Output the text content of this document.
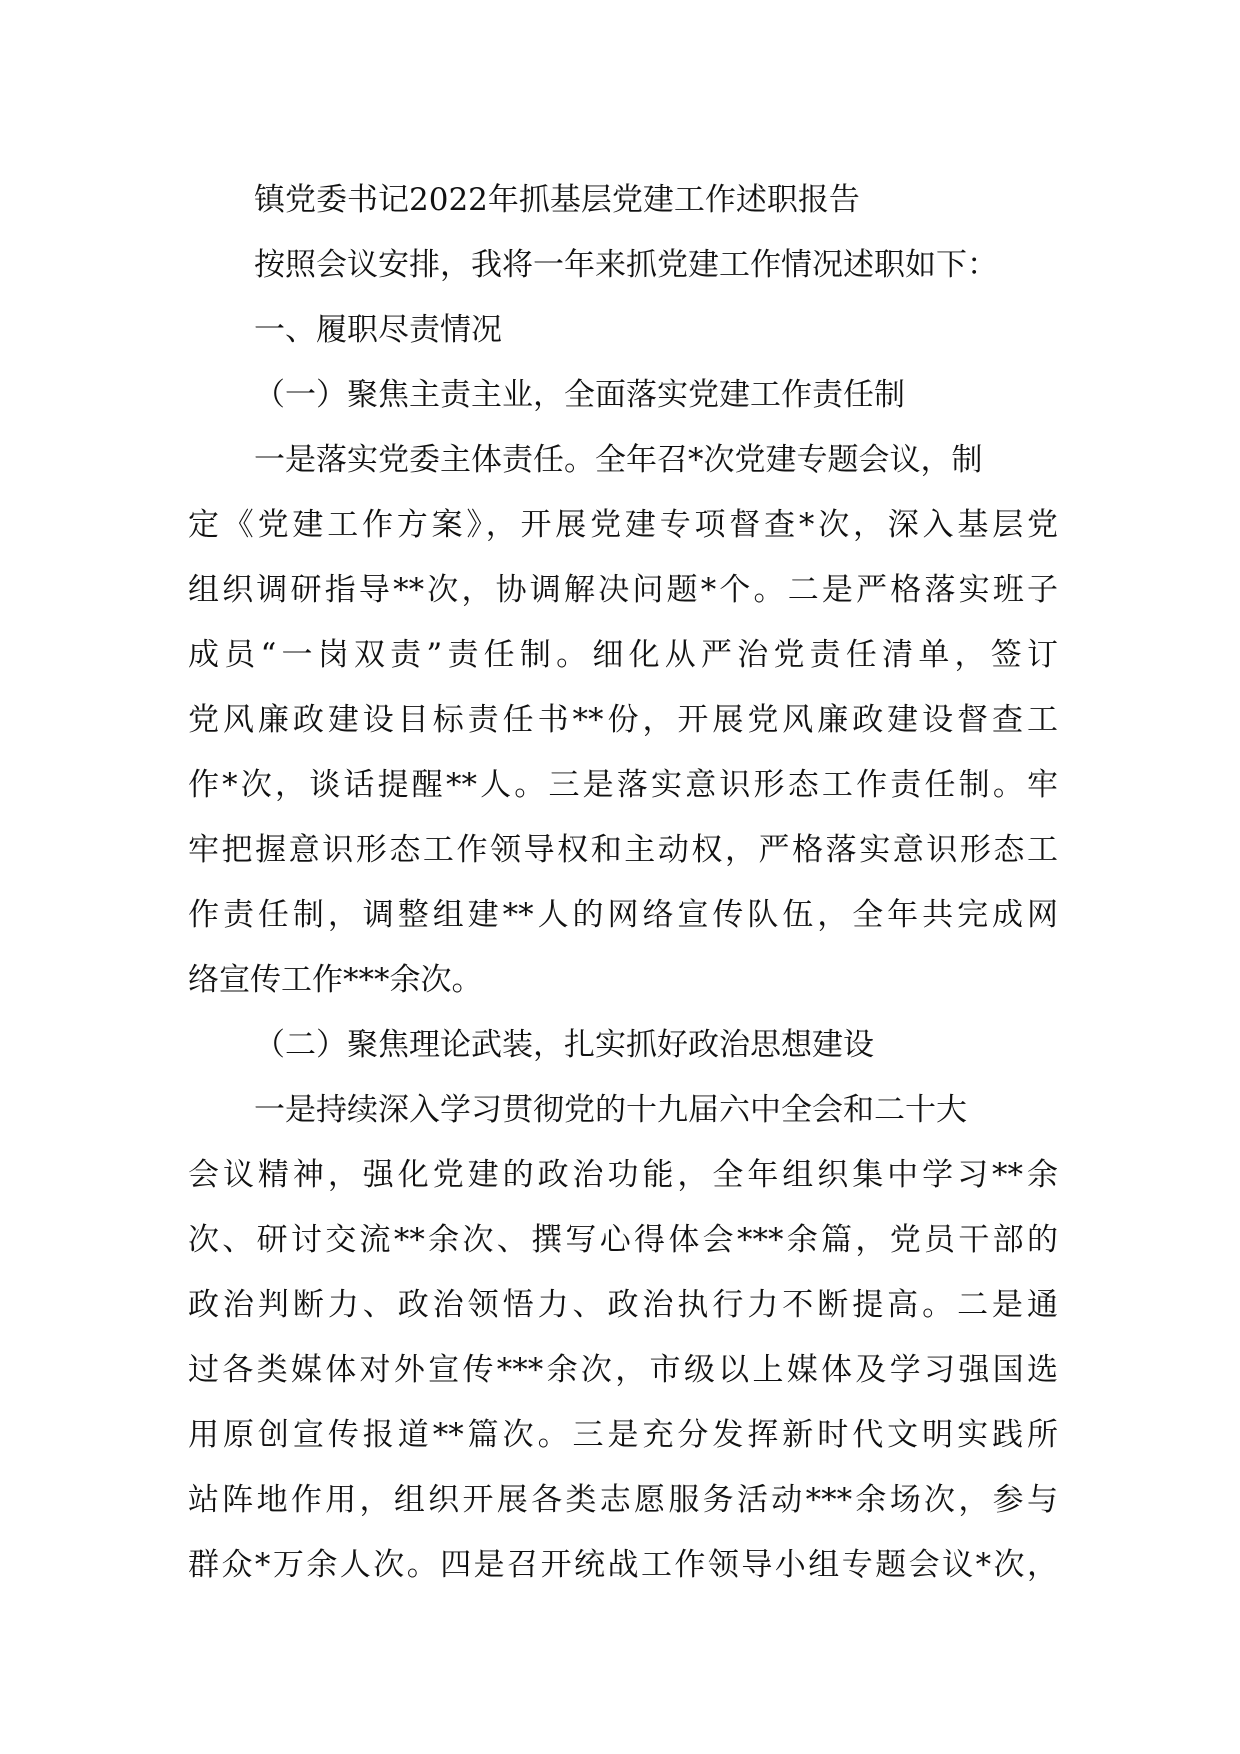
镇党委书记2022年抓基层党建工作述职报告
按照会议安排，我将一年来抓党建工作情况述职如下：
一、履职尽责情况
（一）聚焦主责主业，全面落实党建工作责任制
一是落实党委主体责任。全年召*次党建专题会议，制
定《党建工作方案》，开展党建专项督查*次，深入基层党
组织调研指导**次，协调解决问题*个。二是严格落实班子
成员“一岗双责”责任制。细化从严治党责任清单，签订
党风廉政建设目标责任书**份，开展党风廉政建设督查工
作*次，谈话提醒**人。三是落实意识形态工作责任制。牢
牢把握意识形态工作领导权和主动权，严格落实意识形态工
作责任制，调整组建**人的网络宣传队伍，全年共完成网
络宣传工作***余次。
（二）聚焦理论武装，扎实抓好政治思想建设
一是持续深入学习贯彻党的十九届六中全会和二十大
会议精神，强化党建的政治功能，全年组织集中学习**余
次、研讨交流**余次、撰写心得体会***余篇，党员干部的
政治判断力、政治领悟力、政治执行力不断提高。二是通
过各类媒体对外宣传***余次，市级以上媒体及学习强国选
用原创宣传报道**篇次。三是充分发挥新时代文明实践所
站阵地作用，组织开展各类志愿服务活动***余场次，参与
群众*万余人次。四是召开统战工作领导小组专题会议*次，
